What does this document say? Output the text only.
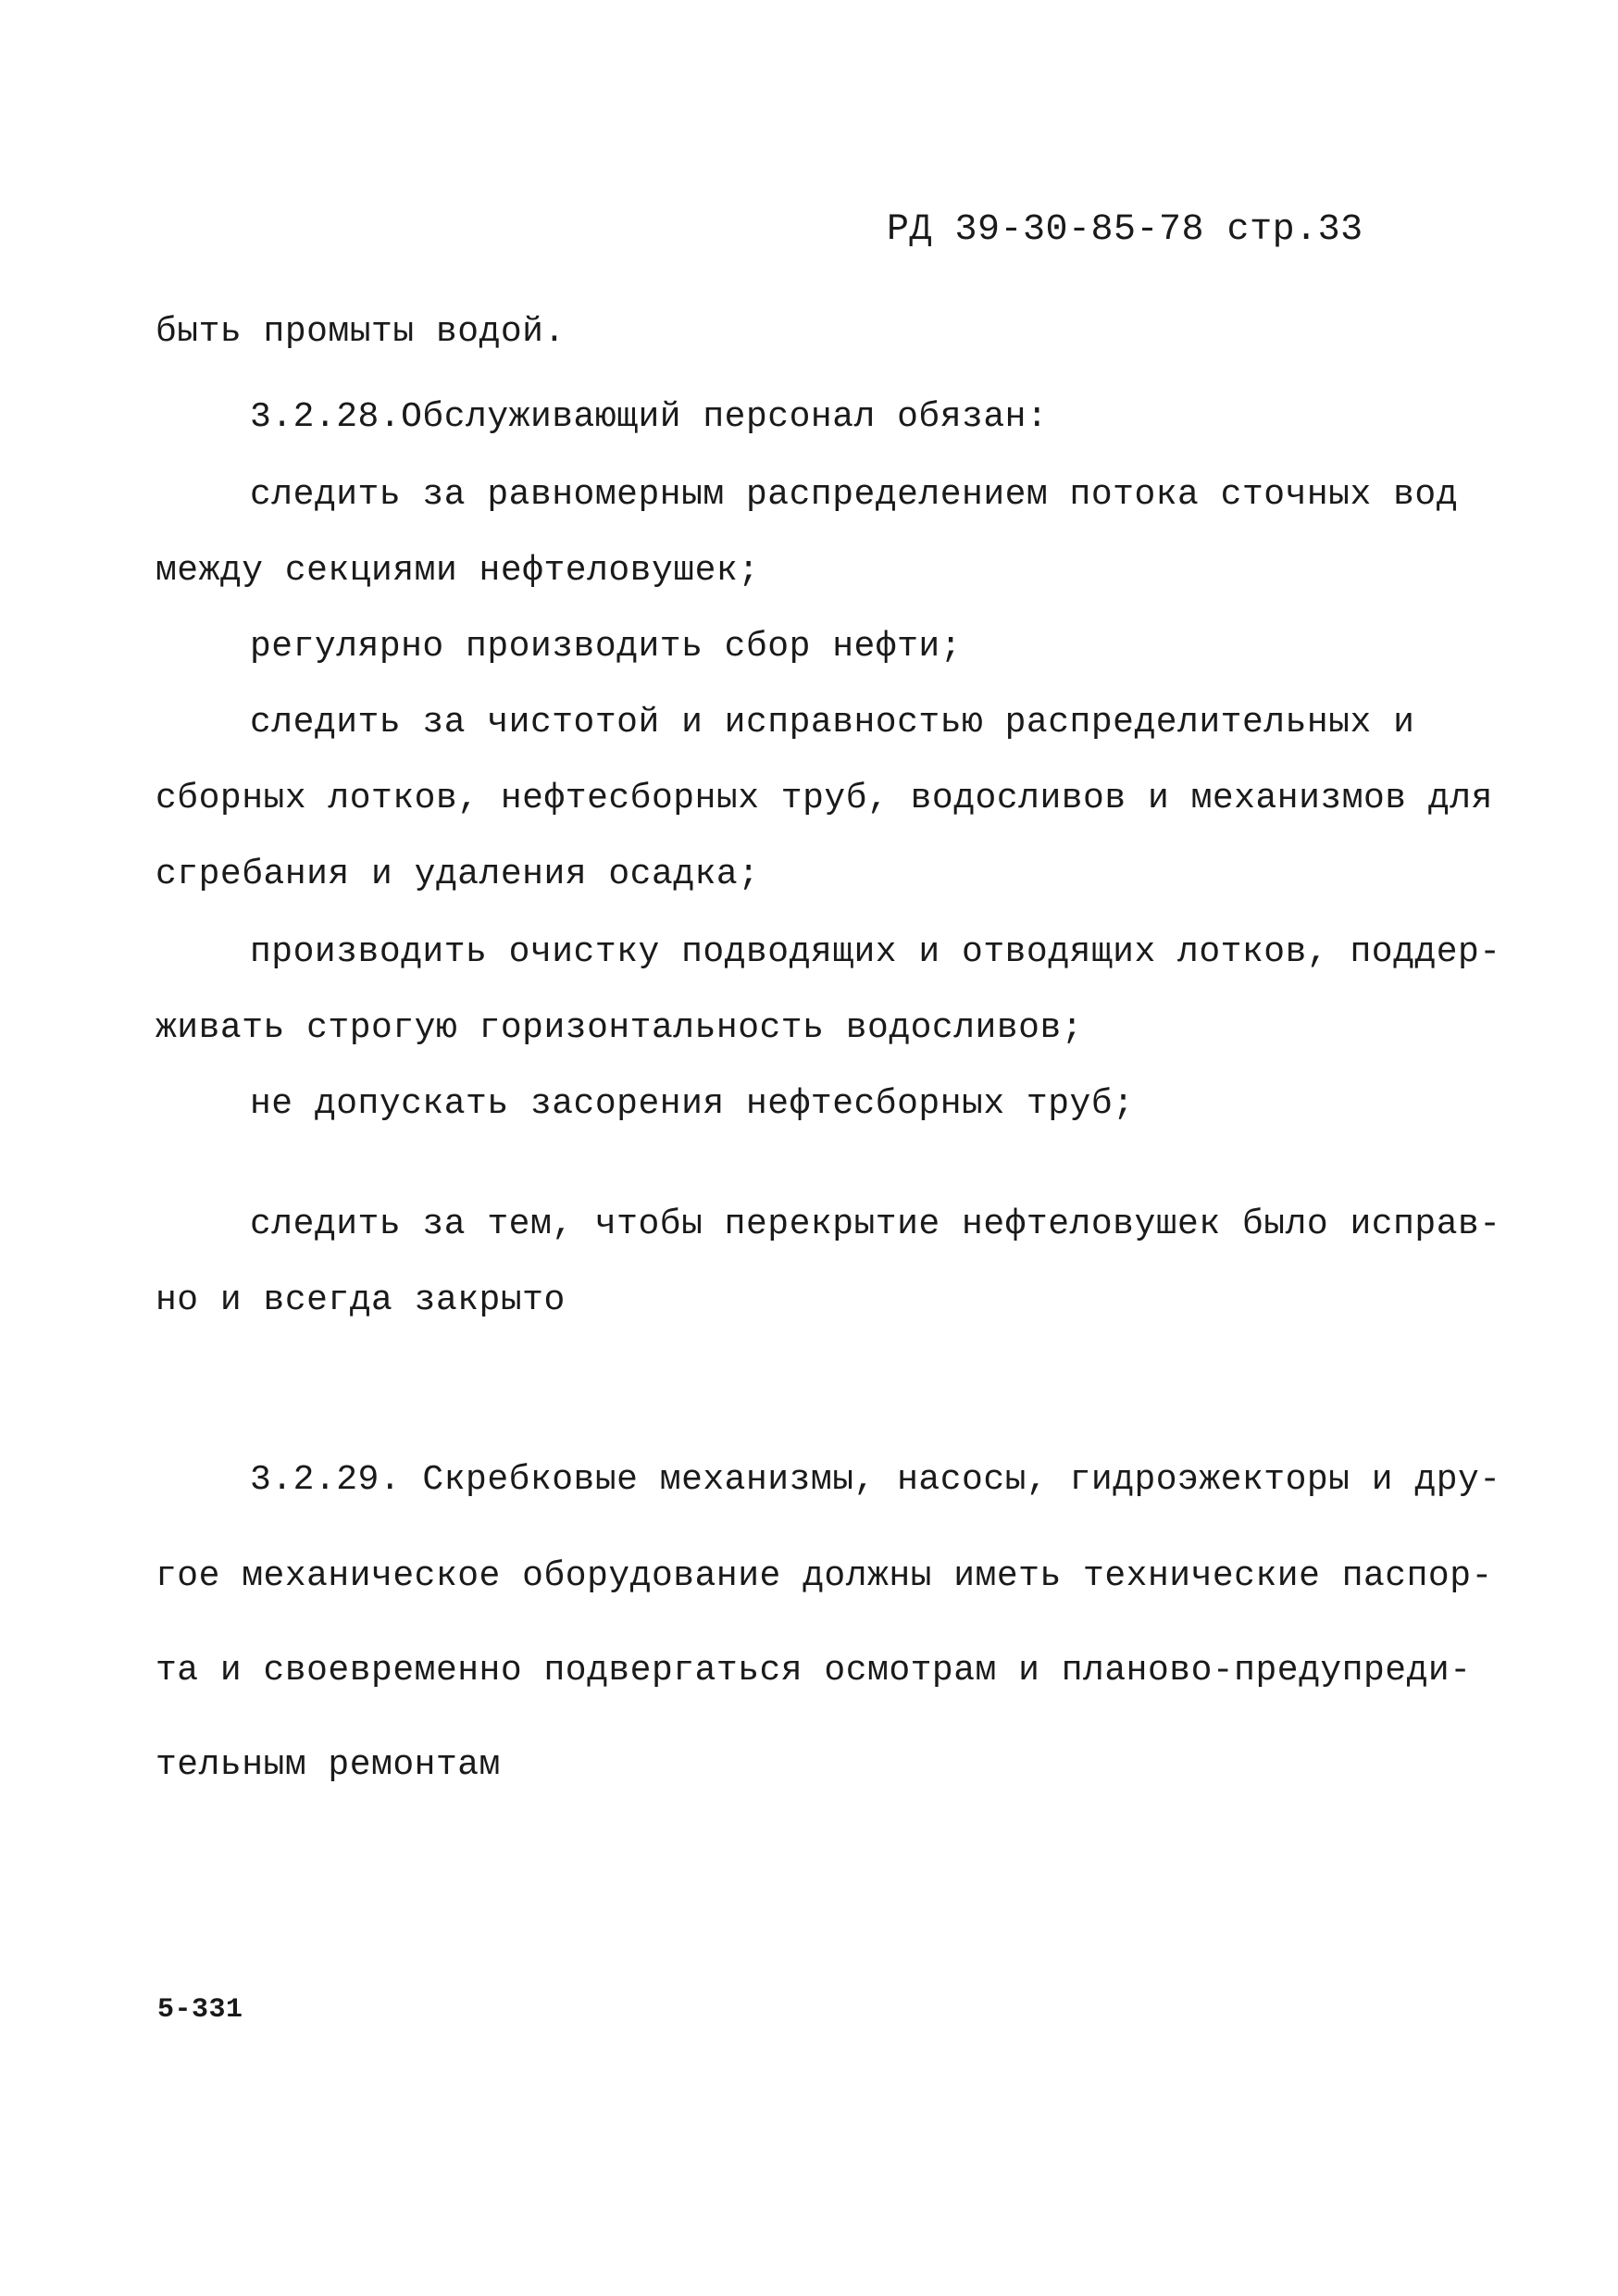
РД 39-30-85-78 стр.33
быть промыты водой.
3.2.28.Обслуживающий персонал обязан:
следить за равномерным распределением потока сточных вод
между секциями нефтеловушек;
регулярно производить сбор нефти;
следить за чистотой и исправностью распределительных и
сборных лотков, нефтесборных труб, водосливов и механизмов для
сгребания и удаления осадка;
производить очистку подводящих и отводящих лотков, поддер-
живать строгую горизонтальность водосливов;
не допускать засорения нефтесборных труб;
следить за тем, чтобы перекрытие нефтеловушек было исправ-
но и всегда закрыто
3.2.29. Скребковые механизмы, насосы, гидроэжекторы и дру-
гое механическое оборудование должны иметь технические паспор-
та и своевременно подвергаться осмотрам и планово-предупреди-
тельным ремонтам
5-331
